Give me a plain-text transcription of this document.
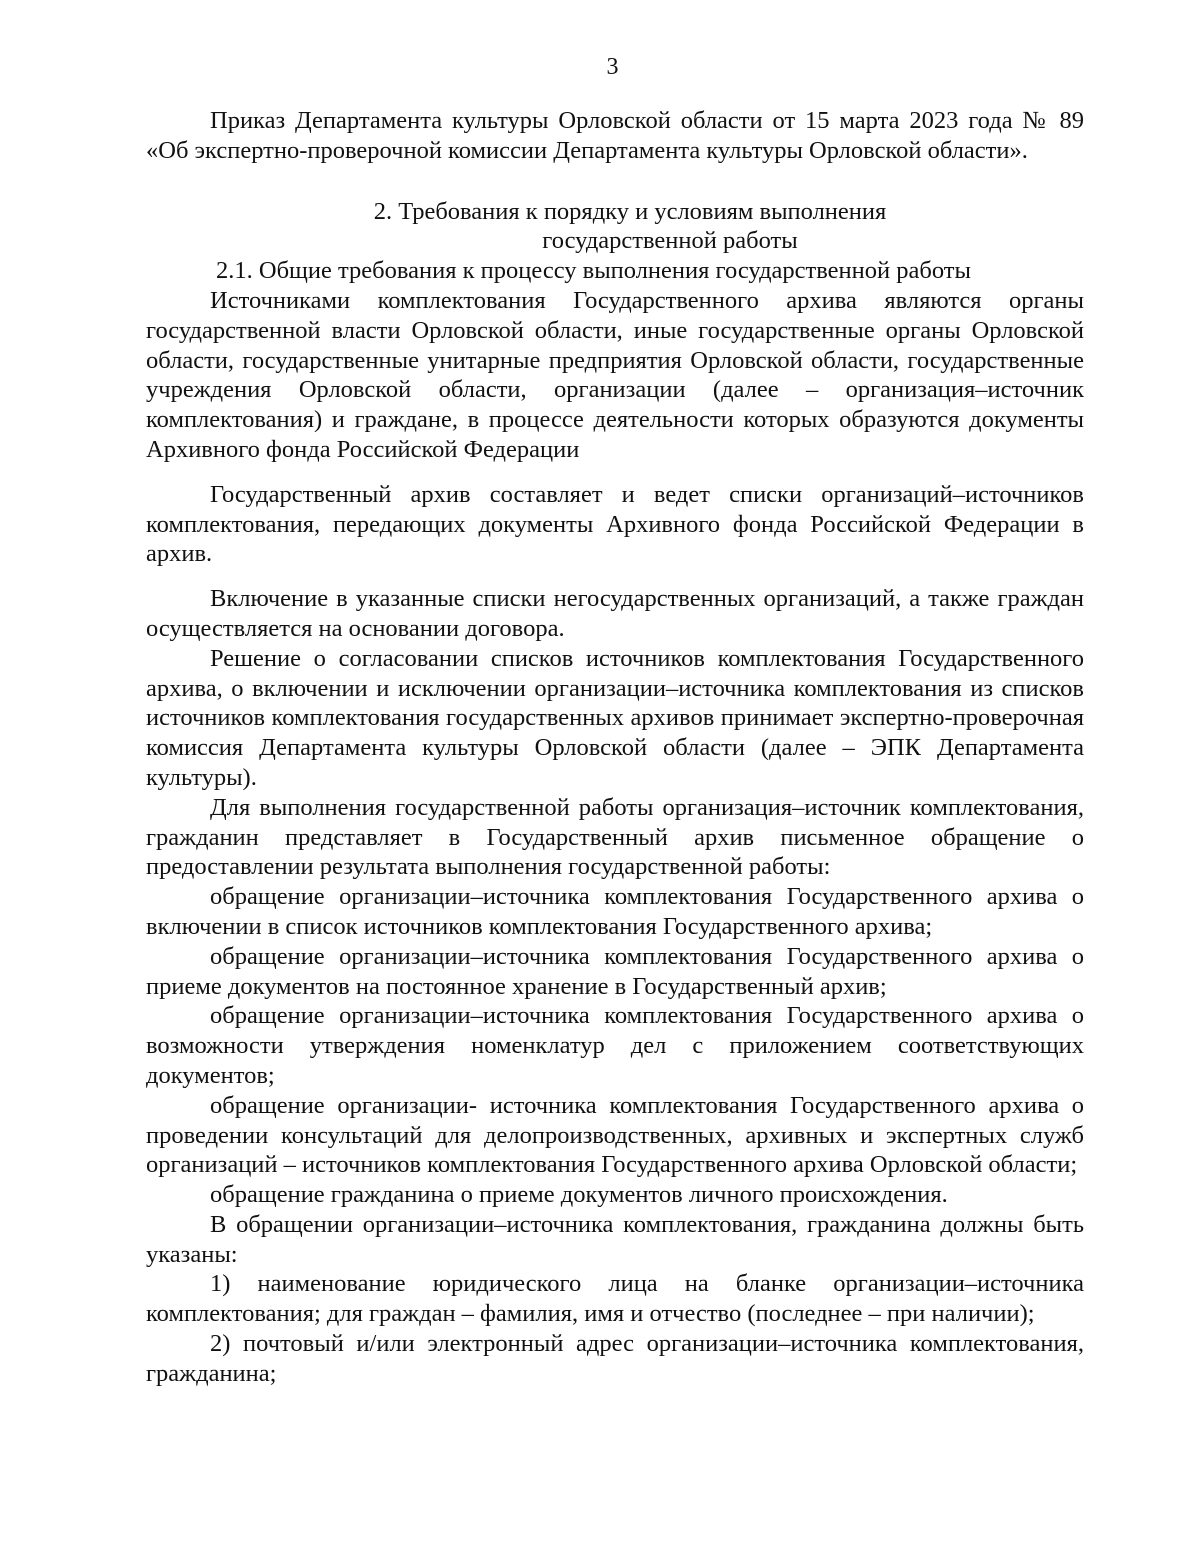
3

Приказ Департамента культуры Орловской области от 15 марта 2023 года № 89 «Об экспертно-проверочной комиссии Департамента культуры Орловской области».

2. Требования к порядку и условиям выполнения

государственной работы

2.1. Общие требования к процессу выполнения государственной работы

Источниками комплектования Государственного архива являются органы государственной власти Орловской области, иные государственные органы Орловской области, государственные унитарные предприятия Орловской области, государственные учреждения Орловской области, организации (далее – организация–источник комплектования) и граждане, в процессе деятельности которых образуются документы Архивного фонда Российской Федерации

Государственный архив составляет и ведет списки организаций–источников комплектования, передающих документы Архивного фонда Российской Федерации в архив.

Включение в указанные списки негосударственных организаций, а также граждан осуществляется на основании договора.

Решение о согласовании списков источников комплектования Государственного архива, о включении и исключении организации–источника комплектования из списков источников комплектования государственных архивов принимает экспертно-проверочная комиссия Департамента культуры Орловской области (далее – ЭПК Департамента культуры).

Для выполнения государственной работы организация–источник комплектования, гражданин представляет в Государственный архив письменное обращение о предоставлении результата выполнения государственной работы:

обращение организации–источника комплектования Государственного архива о включении в список источников комплектования Государственного архива;

обращение организации–источника комплектования Государственного архива о приеме документов на постоянное хранение в Государственный архив;

обращение организации–источника комплектования Государственного архива о возможности утверждения номенклатур дел с приложением соответствующих документов;

обращение организации- источника комплектования Государственного архива о проведении консультаций для делопроизводственных, архивных и экспертных служб организаций – источников комплектования Государственного архива Орловской области;

обращение гражданина о приеме документов личного происхождения.

В обращении организации–источника комплектования, гражданина должны быть указаны:

1) наименование юридического лица на бланке организации–источника комплектования; для граждан – фамилия, имя и отчество (последнее – при наличии);

2) почтовый и/или электронный адрес организации–источника комплектования, гражданина;
